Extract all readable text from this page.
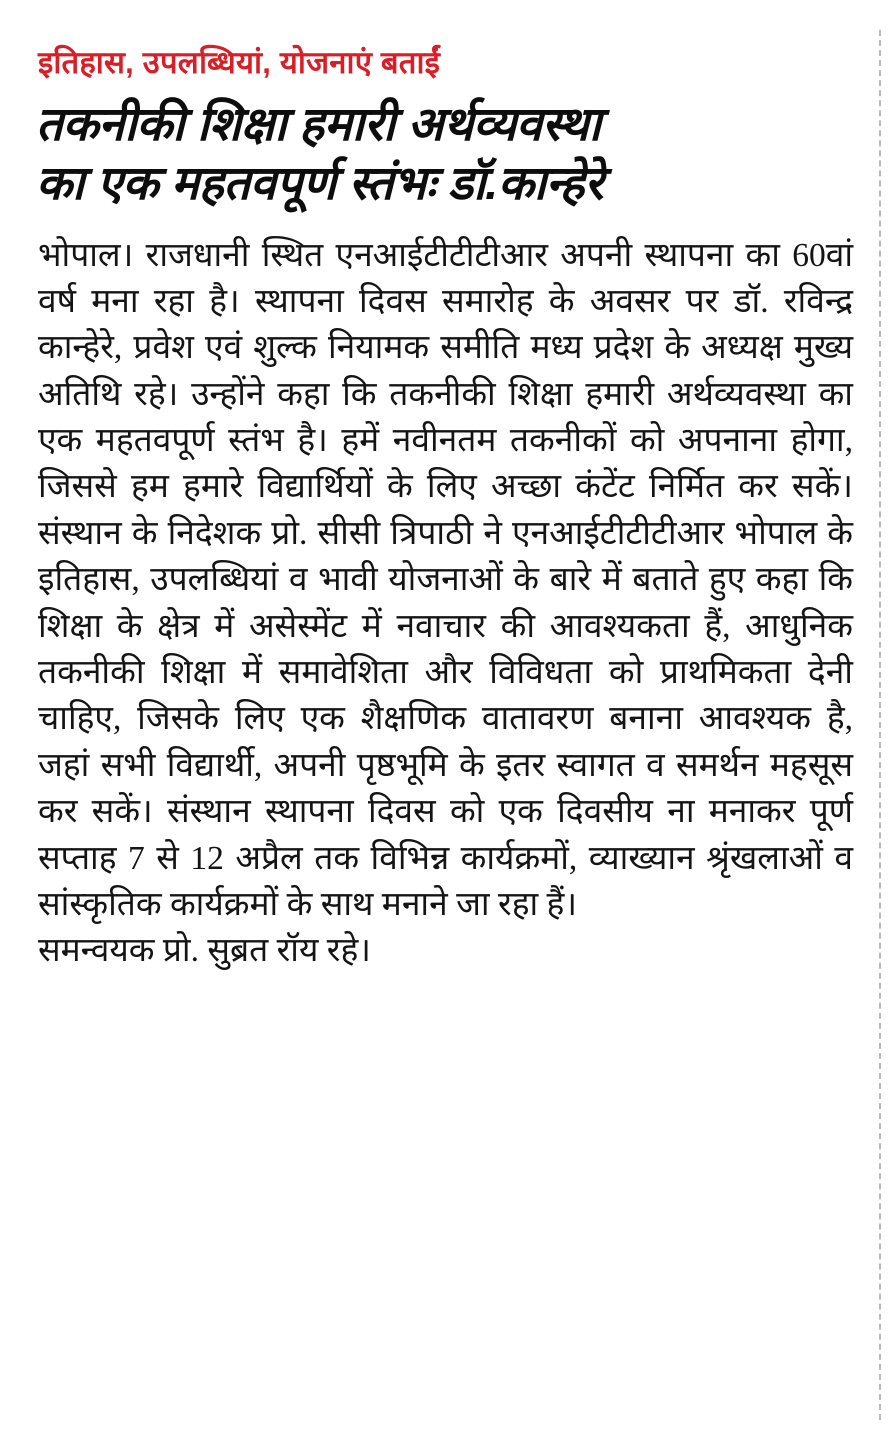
इतिहास, उपलब्धियां, योजनाएं बताईं
तकनीकी शिक्षा हमारी अर्थव्यवस्था
का एक महतवपूर्ण स्तंभः डॉ.कान्हेरे

भोपाल। राजधानी स्थित एनआईटीटीटीआर अपनी स्थापना का 60वां वर्ष मना रहा है। स्थापना दिवस समारोह के अवसर पर डॉ. रविन्द्र कान्हेरे, प्रवेश एवं शुल्क नियामक समीति मध्य प्रदेश के अध्यक्ष मुख्य अतिथि रहे। उन्होंने कहा कि तकनीकी शिक्षा हमारी अर्थव्यवस्था का एक महतवपूर्ण स्तंभ है। हमें नवीनतम तकनीकों को अपनाना होगा, जिससे हम हमारे विद्यार्थियों के लिए अच्छा कंटेंट निर्मित कर सकें। संस्थान के निदेशक प्रो. सीसी त्रिपाठी ने एनआईटीटीटीआर भोपाल के इतिहास, उपलब्धियां व भावी योजनाओं के बारे में बताते हुए कहा कि शिक्षा के क्षेत्र में असेस्मेंट में नवाचार की आवश्यकता हैं, आधुनिक तकनीकी शिक्षा में समावेशिता और विविधता को प्राथमिकता देनी चाहिए, जिसके लिए एक शैक्षणिक वातावरण बनाना आवश्यक है, जहां सभी विद्यार्थी, अपनी पृष्ठभूमि के इतर स्वागत व समर्थन महसूस कर सकें। संस्थान स्थापना दिवस को एक दिवसीय ना मनाकर पूर्ण सप्ताह 7 से 12 अप्रैल तक विभिन्न कार्यक्रमों, व्याख्यान श्रृंखलाओं व सांस्कृतिक कार्यक्रमों के साथ मनाने जा रहा हैं।

समन्वयक प्रो. सुब्रत रॉय रहे।
